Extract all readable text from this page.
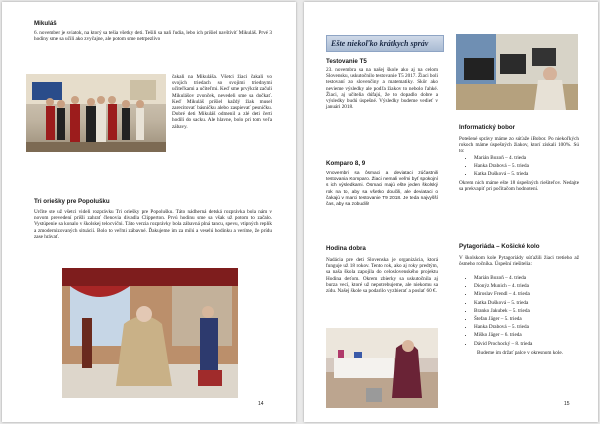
Mikuláš
6. november je sviatok, na ktorý sa tešia všetky deti. Tešili sa naň ľudia, lebo ich prišiel navštíviť Mikuláš. Prvé 3 hodiny sme sa učili ako zvyčajne, ale potom sme netrpezlivo
čakali na Mikuláša. Všetci žiaci čakali vo svojich triedach so svojimi triednymi učiteľkami a učiteľmi. Keď sme prvýkrát začuli Mikulášov zvonček, nevedeli sme sa dočkať. Keď Mikuláš prišiel každý žiak musel zarecitovať básničku alebo zaspievať pesničku. Dobré deti Mikuláš odmenil a zlé deti čerti hodili do sacku. Ale hlavne, bolo pri tom veľa zábavy.
Tri oriešky pre Popolušku
Určite ste už všetci videli rozprávku Tri oriešky pre Popolušku. Táto nádherná detská rozprávka bola nám v novom prevedení prišli zahrať členovia divadla Clipperton. Prvú hodinu sme sa však už potom to začalo. Vystúpenie sa konalo v školskej telocvični. Táto verzia rozprávky bola zábavná plná tancu, spevu, vtipných replík a zmodernizovaných situácií. Bolo to veľmi zábavné. Ďakujeme im za milú a veselú hodinku a veríme, že prídu zase hrávať.
14
Ešte niekoľko krátkych správ
Testovanie T5
23. novembra sa na našej škole ako aj na celom Slovensku, uskutočnilo testovanie T5 2017. Žiaci boli testovaní zo slovenčiny a matematiky. Skôr ako nevieme výsledky ale podľa žiakov to nebolo ľahké. Žiaci, aj učitelia dúfajú, že to dopadlo dobre a výsledky budú úspešné. Výsledky budeme vedieť v januári 2018.
Komparo 8, 9
Vnovembri sa ôsmaci a deviataci zúčastnili testovania Komparo. Žiaci nemali veľmi byť spokojní s ich výsledkami. Ôsmaci majú ešte jeden školský rok na to, aby sa všetko doučili, ale deviataci o čakajú v marci testovanie T9 2018. Je teda najvyšší čas, aby sa zobudili!
Hodina dobra
Nadácia pre deti Slovenska je organizácia, ktorá funguje už 18 rokov. Tento rok, ako aj roky predtým, sa naša škola zapojila do celoslovenského projektu Hodina deťom. Okrem zbierky sa uskutočnila aj burza vecí, ktoré už nepotrebujeme, ale niekomu sa zídu. Našej škole sa podarilo vyzbierať a poslať 60 €.
Informatický bobor
Potešené správy máme zo súťaže iBobor. Po niekoľkých rokoch máme úspešných žiakov, ktorí získali 100%. Sú to:
• Marián Bozoň – 4. trieda
• Hanka Drabová – 5. trieda
• Katka Dušková – 5. trieda
Okrem nich máme ešte 18 úspešných riešiteľov. Nedajte sa prekvapiť pri počítačom hodnotení.
Pytagoriáda – Košické kolo
V školskom kole Pytagoriády súťažili žiaci tretieho až ôsmeho ročníka. Úspešní riešitelia:
• Marián Bozoň – 4. trieda
• Dionýz Munich – 4. trieda
• Miroslav Frendl – 4. trieda
• Katka Dušková – 5. trieda
• Branko Jakubek – 5. trieda
• Štefan Jäger – 5. trieda
• Hanka Drabová – 5. trieda
• Miško Jäger – 6. trieda
• Dávid Prochocký – 8. trieda
Budeme im držať palce v okresnom kole.
15
